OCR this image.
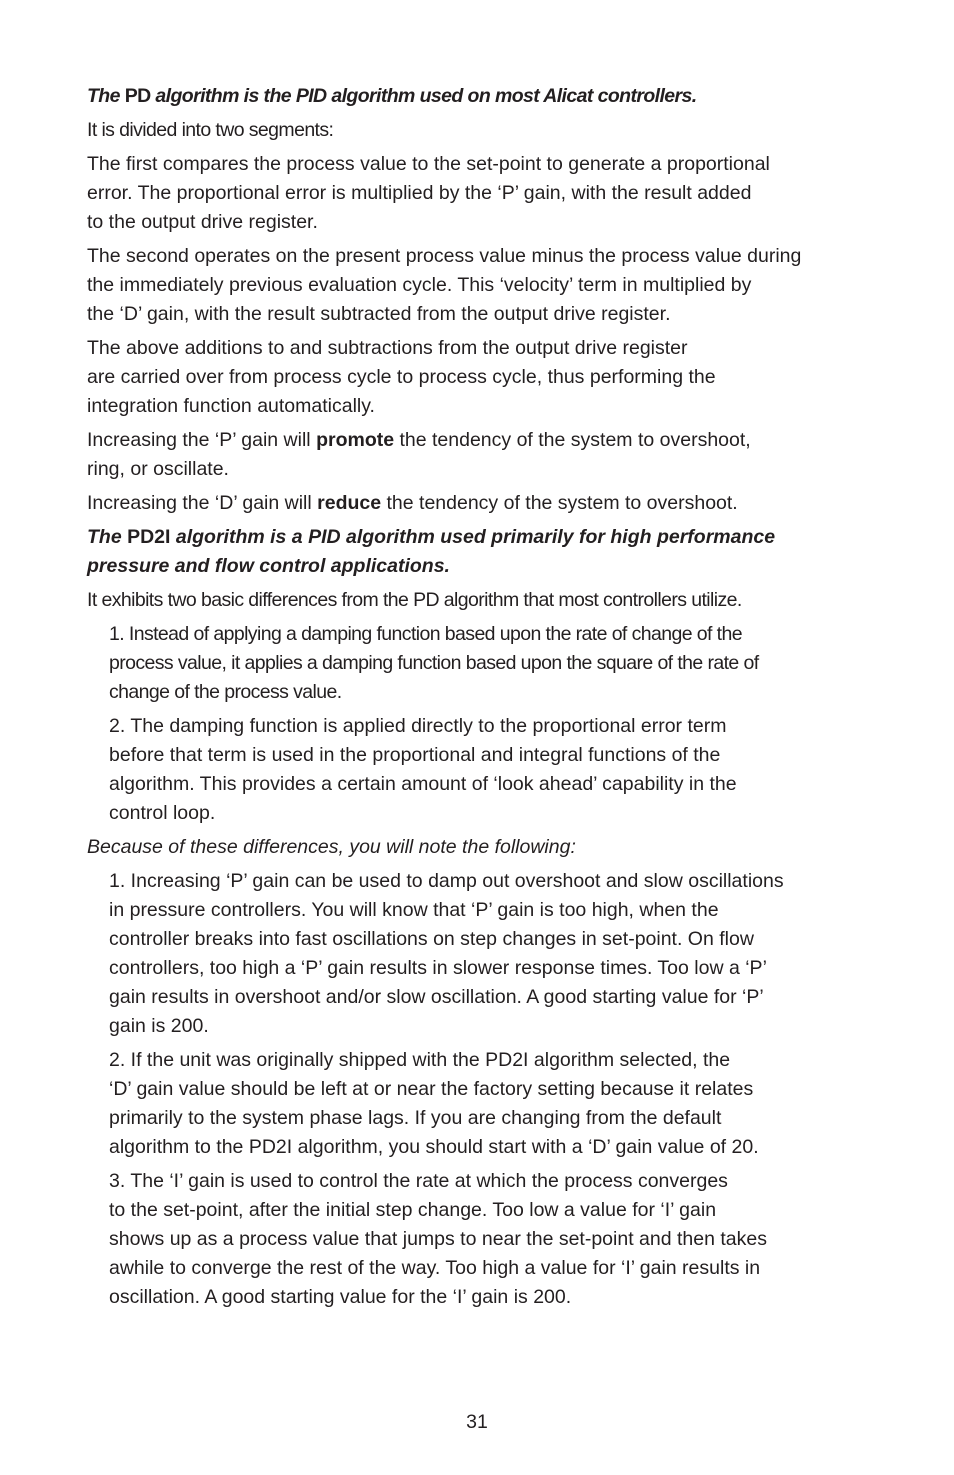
The PD algorithm is the PID algorithm used on most Alicat controllers.

It is divided into two segments:

The first compares the process value to the set-point to generate a proportional
error. The proportional error is multiplied by the ‘P’ gain, with the result added
to the output drive register.

The second operates on the present process value minus the process value during
the immediately previous evaluation cycle. This ‘velocity’ term in multiplied by
the ‘D’ gain, with the result subtracted from the output drive register.

The above additions to and subtractions from the output drive register
are carried over from process cycle to process cycle, thus performing the
integration function automatically.

Increasing the ‘P’ gain will promote the tendency of the system to overshoot,
ring, or oscillate.

Increasing the ‘D’ gain will reduce the tendency of the system to overshoot.

The PD2I algorithm is a PID algorithm used primarily for high performance
pressure and flow control applications.

It exhibits two basic differences from the PD algorithm that most controllers utilize.

1. Instead of applying a damping function based upon the rate of change of the
process value, it applies a damping function based upon the square of the rate of
change of the process value.

2. The damping function is applied directly to the proportional error term
before that term is used in the proportional and integral functions of the
algorithm. This provides a certain amount of ‘look ahead’ capability in the
control loop.

Because of these differences, you will note the following:

1. Increasing ‘P’ gain can be used to damp out overshoot and slow oscillations
in pressure controllers. You will know that ‘P’ gain is too high, when the
controller breaks into fast oscillations on step changes in set-point. On flow
controllers, too high a ‘P’ gain results in slower response times. Too low a ‘P’
gain results in overshoot and/or slow oscillation. A good starting value for ‘P’
gain is 200.

2. If the unit was originally shipped with the PD2I algorithm selected, the
‘D’ gain value should be left at or near the factory setting because it relates
primarily to the system phase lags. If you are changing from the default
algorithm to the PD2I algorithm, you should start with a ‘D’ gain value of 20.

3. The ‘I’ gain is used to control the rate at which the process converges
to the set-point, after the initial step change. Too low a value for ‘I’ gain
shows up as a process value that jumps to near the set-point and then takes
awhile to converge the rest of the way. Too high a value for ‘I’ gain results in
oscillation. A good starting value for the ‘I’ gain is 200.

31
